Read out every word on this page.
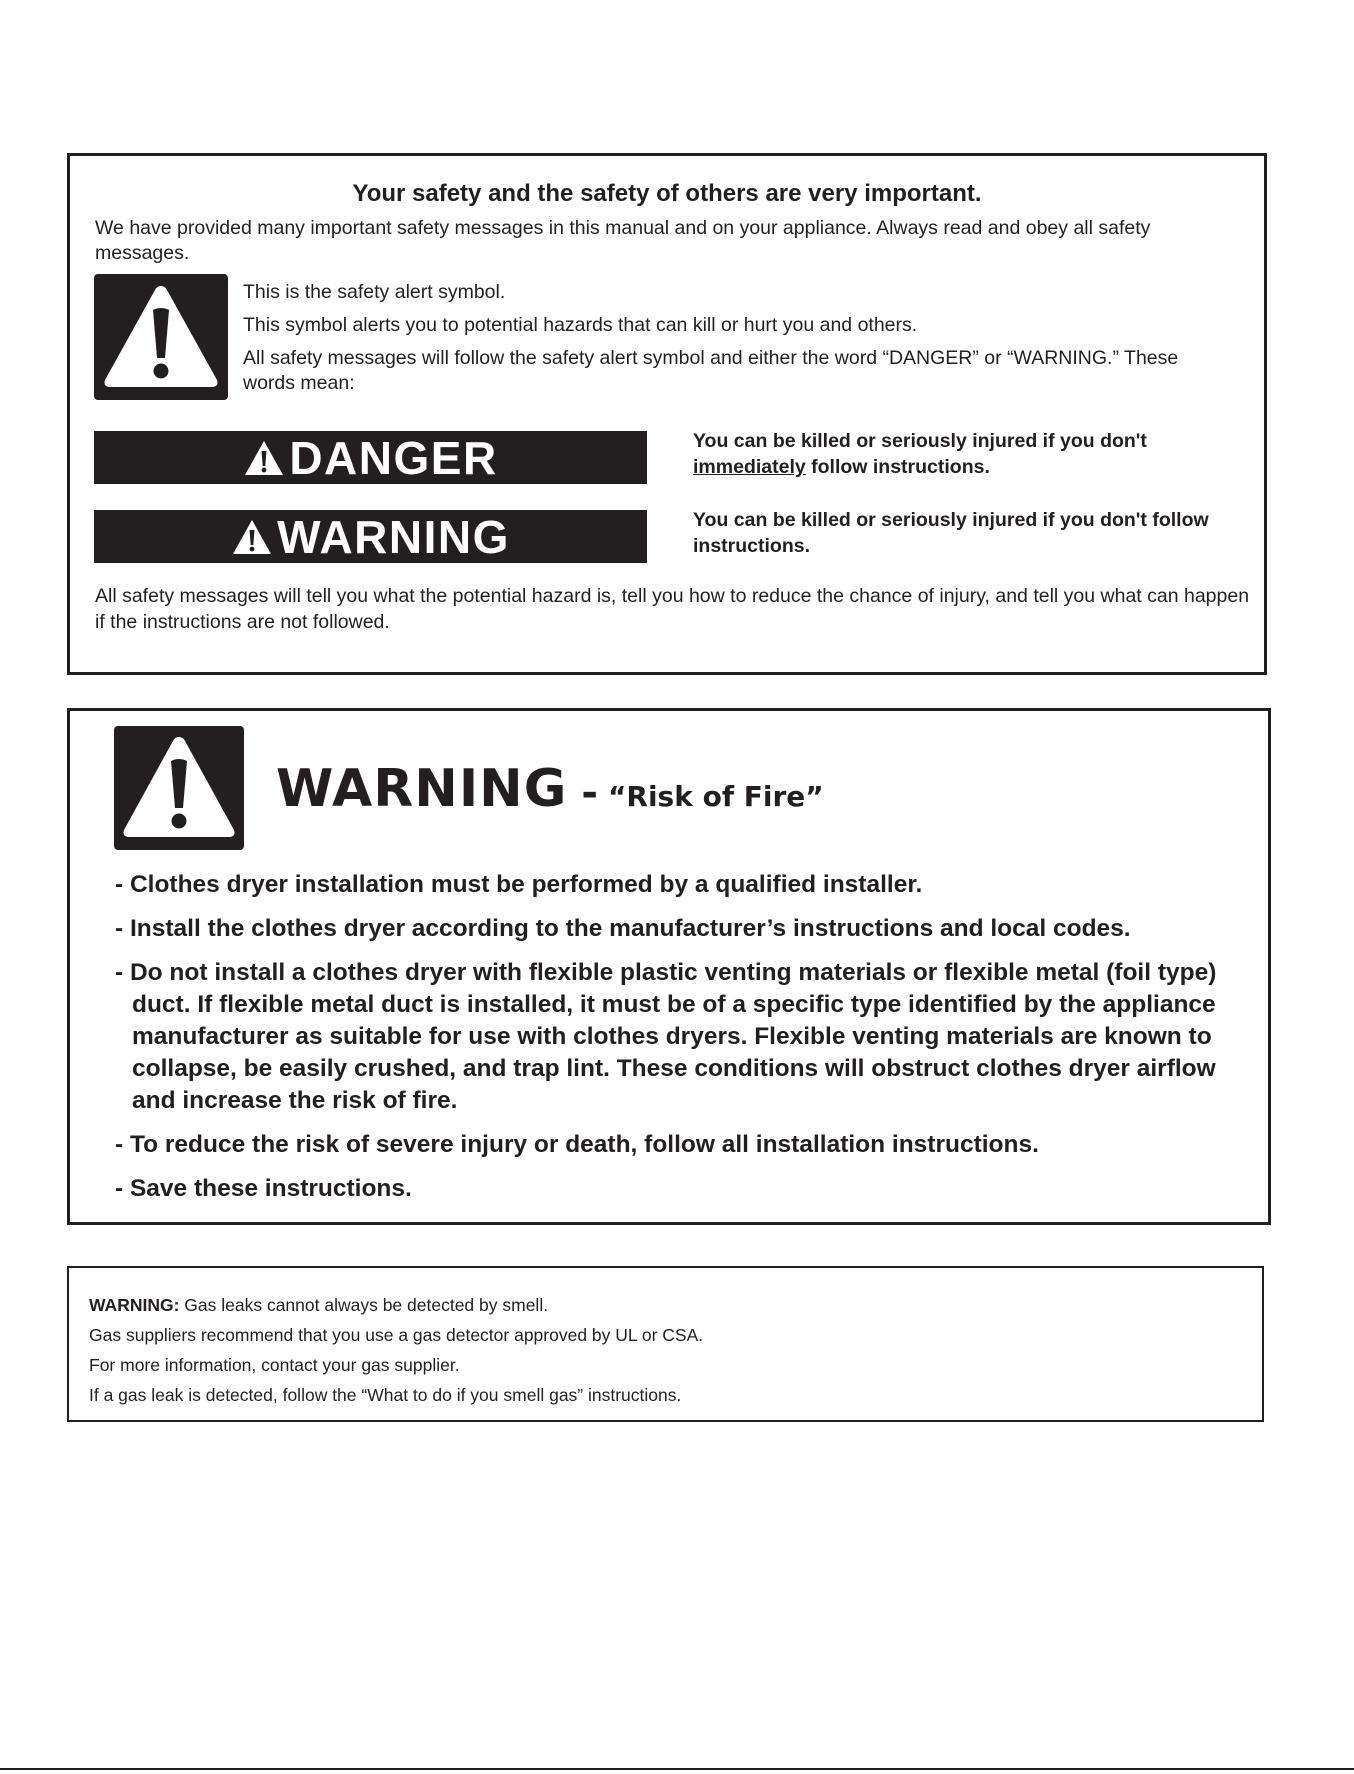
Your safety and the safety of others are very important.
We have provided many important safety messages in this manual and on your appliance. Always read and obey all safety messages.

This is the safety alert symbol.

This symbol alerts you to potential hazards that can kill or hurt you and others.

All safety messages will follow the safety alert symbol and either the word “DANGER” or “WARNING.” These words mean:

DANGER	You can be killed or seriously injured if you don't immediately follow instructions.
WARNING	You can be killed or seriously injured if you don't follow instructions.
All safety messages will tell you what the potential hazard is, tell you how to reduce the chance of injury, and tell you what can happen if the instructions are not followed.
WARNING - “Risk of Fire”
- Clothes dryer installation must be performed by a qualified installer.
- Install the clothes dryer according to the manufacturer’s instructions and local codes.
- Do not install a clothes dryer with flexible plastic venting materials or flexible metal (foil type) duct. If flexible metal duct is installed, it must be of a specific type identified by the appliance manufacturer as suitable for use with clothes dryers. Flexible venting materials are known to collapse, be easily crushed, and trap lint. These conditions will obstruct clothes dryer airflow and increase the risk of fire.
- To reduce the risk of severe injury or death, follow all installation instructions.
- Save these instructions.

WARNING: Gas leaks cannot always be detected by smell.

Gas suppliers recommend that you use a gas detector approved by UL or CSA.

For more information, contact your gas supplier.

If a gas leak is detected, follow the “What to do if you smell gas” instructions.
